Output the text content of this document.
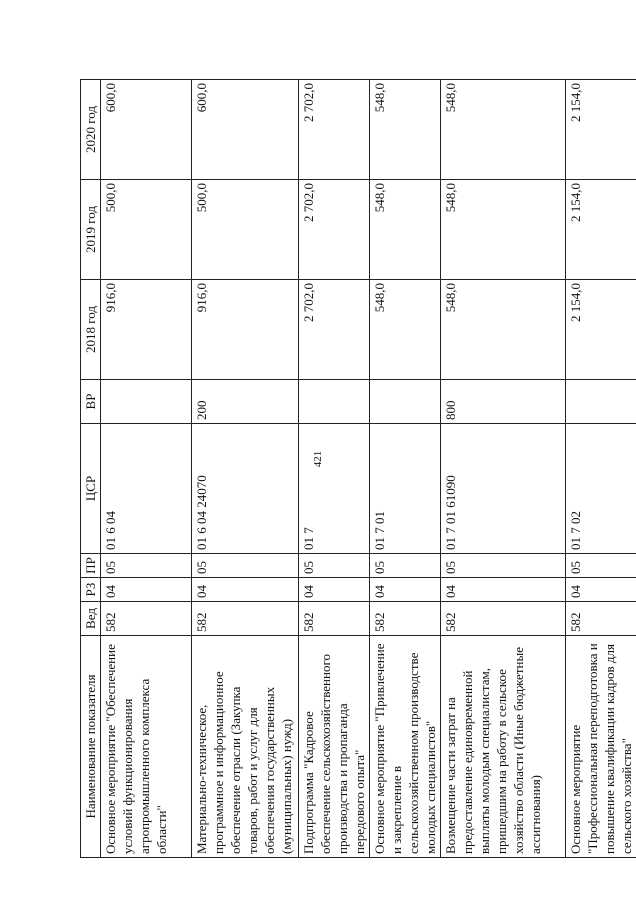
421
Наименование показателя	Вед	РЗ	ПР	ЦСР	ВР	2018 год	2019 год	2020 год
Основное мероприятие "Обеспечение условий функционирования агропромышленного комплекса области"	582	04	05	01 6 04		916,0	500,0	600,0
Материально-техническое, программное и информационное обеспечение отрасли (Закупка товаров, работ и услуг для обеспечения государственных (муниципальных) нужд)	582	04	05	01 6 04 24070	200	916,0	500,0	600,0
Подпрограмма "Кадровое обеспечение сельскохозяйственного производства и пропаганда передового опыта"	582	04	05	01 7		2 702,0	2 702,0	2 702,0
Основное мероприятие "Привлечение и закрепление в сельскохозяйственном производстве молодых специалистов"	582	04	05	01 7 01		548,0	548,0	548,0
Возмещение части затрат на предоставление единовременной выплаты молодым специалистам, пришедшим на работу в сельское хозяйство области (Иные бюджетные ассигнования)	582	04	05	01 7 01 61090	800	548,0	548,0	548,0
Основное мероприятие "Профессиональная переподготовка и повышение квалификации кадров для сельского хозяйства"	582	04	05	01 7 02		2 154,0	2 154,0	2 154,0
